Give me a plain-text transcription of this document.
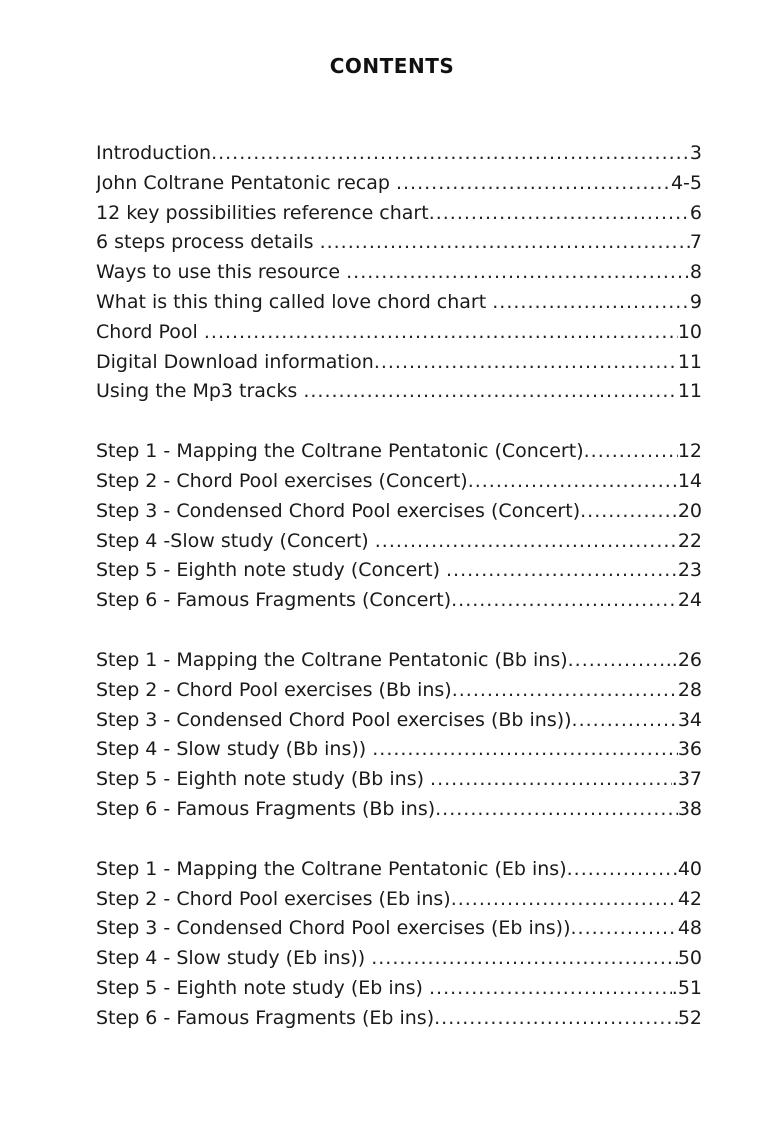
CONTENTS
Introduction .....	3
John Coltrane Pentatonic recap .....	4-5
12 key possibilities reference chart .....	6
6 steps process details .....	7
Ways to use this resource .....	8
What is this thing called love chord chart .....	9
Chord Pool .....	10
Digital Download information .....	11
Using the Mp3 tracks .....	11
Step 1 - Mapping the Coltrane Pentatonic (Concert) .....	12
Step 2 - Chord Pool exercises (Concert) .....	14
Step 3 - Condensed Chord Pool exercises (Concert) .....	20
Step 4 -Slow study (Concert) .....	22
Step 5 - Eighth note study (Concert) .....	23
Step 6 - Famous Fragments (Concert) .....	24
Step 1 - Mapping the Coltrane Pentatonic (Bb ins) .....	..26
Step 2 - Chord Pool exercises (Bb ins) .....	28
Step 3 - Condensed Chord Pool exercises (Bb ins)) .....	34
Step 4 - Slow study (Bb ins)) .....	36
Step 5 - Eighth note study (Bb ins) .....	.37
Step 6 - Famous Fragments (Bb ins) .....	38
Step 1 - Mapping the Coltrane Pentatonic (Eb ins) .....	40
Step 2 - Chord Pool exercises (Eb ins) .....	42
Step 3 - Condensed Chord Pool exercises (Eb ins)) .....	48
Step 4 - Slow study (Eb ins)) .....	50
Step 5 - Eighth note study (Eb ins) .....	.51
Step 6 - Famous Fragments (Eb ins) .....	52
